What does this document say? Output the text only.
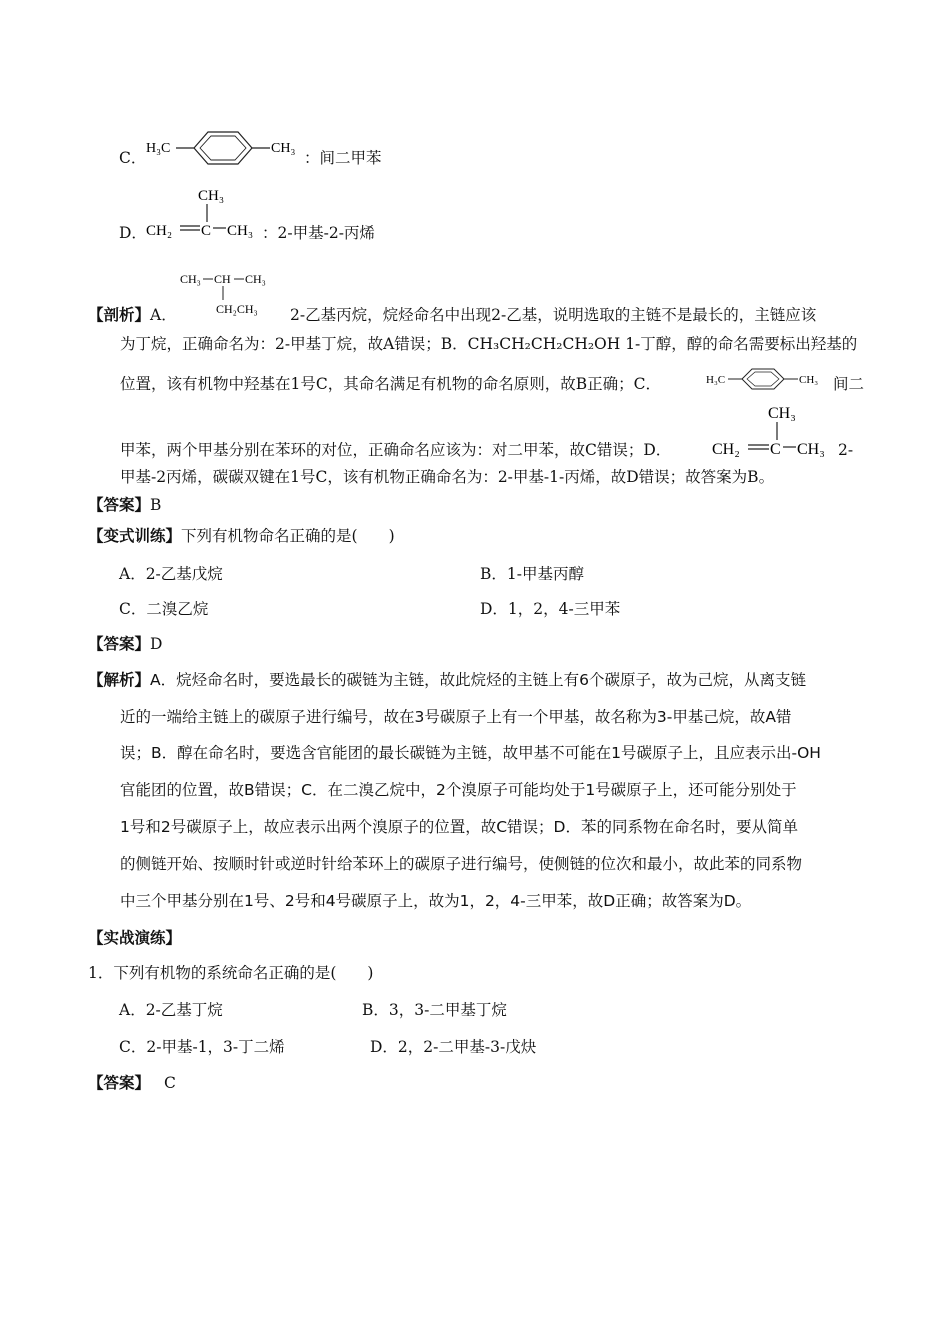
C．
H₃C	CH₃
：间二甲苯
D．
CH₃
CH₂ C CH₃ ：2-甲基-2-丙烯
CH₃ CH CH₃
CH₂CH₃
【剖析】A．	2-乙基丙烷，烷烃命名中出现2-乙基，说明选取的主链不是最长的，主链应该
为丁烷，正确命名为：2-甲基丁烷，故A错误；B．CH₃CH₂CH₂CH₂OH 1-丁醇，醇的命名需要标出羟基的
位置，该有机物中羟基在1号C，其命名满足有机物的命名原则，故B正确；C．	H₃C	CH₃ 间二
CH₃
CH₂ C CH₃
甲苯，两个甲基分别在苯环的对位，正确命名应该为：对二甲苯，故C错误；D．	2-
甲基-2丙烯，碳碳双键在1号C，该有机物正确命名为：2-甲基-1-丙烯，故D错误；故答案为B。
【答案】B
【变式训练】下列有机物命名正确的是(　　)
A．2-乙基戊烷	B．1-甲基丙醇
C．二溴乙烷	D．1，2，4-三甲苯
【答案】D
【解析】A．烷烃命名时，要选最长的碳链为主链，故此烷烃的主链上有6个碳原子，故为己烷，从离支链
近的一端给主链上的碳原子进行编号，故在3号碳原子上有一个甲基，故名称为3-甲基己烷，故A错
误；B．醇在命名时，要选含官能团的最长碳链为主链，故甲基不可能在1号碳原子上，且应表示出-OH
官能团的位置，故B错误；C．在二溴乙烷中，2个溴原子可能均处于1号碳原子上，还可能分别处于
1号和2号碳原子上，故应表示出两个溴原子的位置，故C错误；D．苯的同系物在命名时，要从简单
的侧链开始、按顺时针或逆时针给苯环上的碳原子进行编号，使侧链的位次和最小，故此苯的同系物
中三个甲基分别在1号、2号和4号碳原子上，故为1，2，4-三甲苯，故D正确；故答案为D。
【实战演练】
1．下列有机物的系统命名正确的是(　　)
A．2-乙基丁烷	B．3，3-二甲基丁烷
C．2-甲基-1，3-丁二烯	D．2，2-二甲基-3-戊炔
【答案】 C
